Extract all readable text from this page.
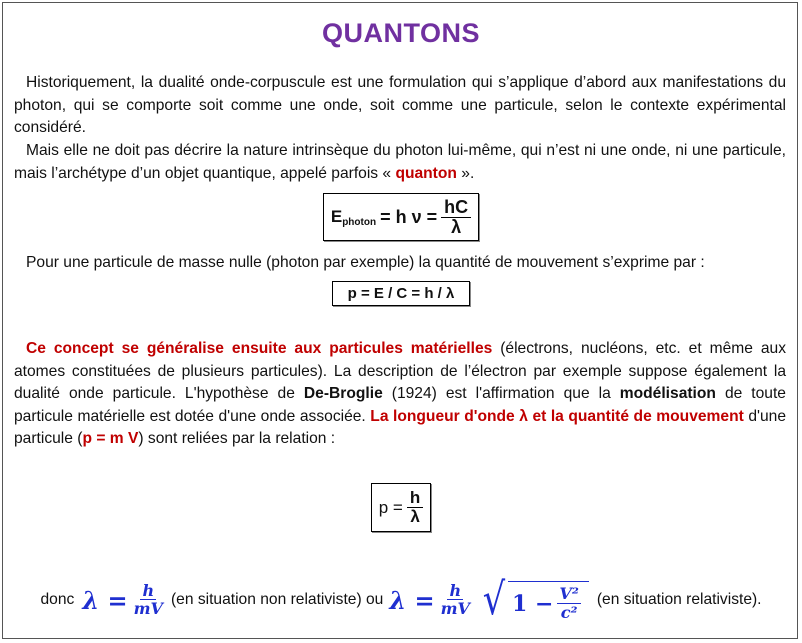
QUANTONS
Historiquement, la dualité onde-corpuscule est une formulation qui s’applique d’abord aux manifestations du photon, qui se comporte soit comme une onde, soit comme une particule, selon le contexte expérimental considéré.
Mais elle ne doit pas décrire la nature intrinsèque du photon lui-même, qui n’est ni une onde, ni une particule, mais l’archétype d’un objet quantique, appelé parfois « quanton ».
E photon = h $\nu = \frac{hC}{\lambda}$
Pour une particule de masse nulle (photon par exemple) la quantité de mouvement s’exprime par :
p = E / C = h / λ
Ce concept se généralise ensuite aux particules matérielles (électrons, nucléons, etc. et même aux atomes constituées de plusieurs particules). La description de l’électron par exemple suppose également la dualité onde particule. L'hypothèse de De-Broglie (1924) est l'affirmation que la modélisation de toute particule matérielle est dotée d'une onde associée. La longueur d'onde λ et la quantité de mouvement d'une particule (p = m V) sont reliées par la relation :
$p = \frac{h}{\lambda}$
donc $\lambda = \frac{h}{mV} (en$ situation non relativiste) ou $\lambda = \frac{h}{mV}$ √ $1 - \frac{\text{V²}}{\text{c²}} (en$ situation relativiste).
